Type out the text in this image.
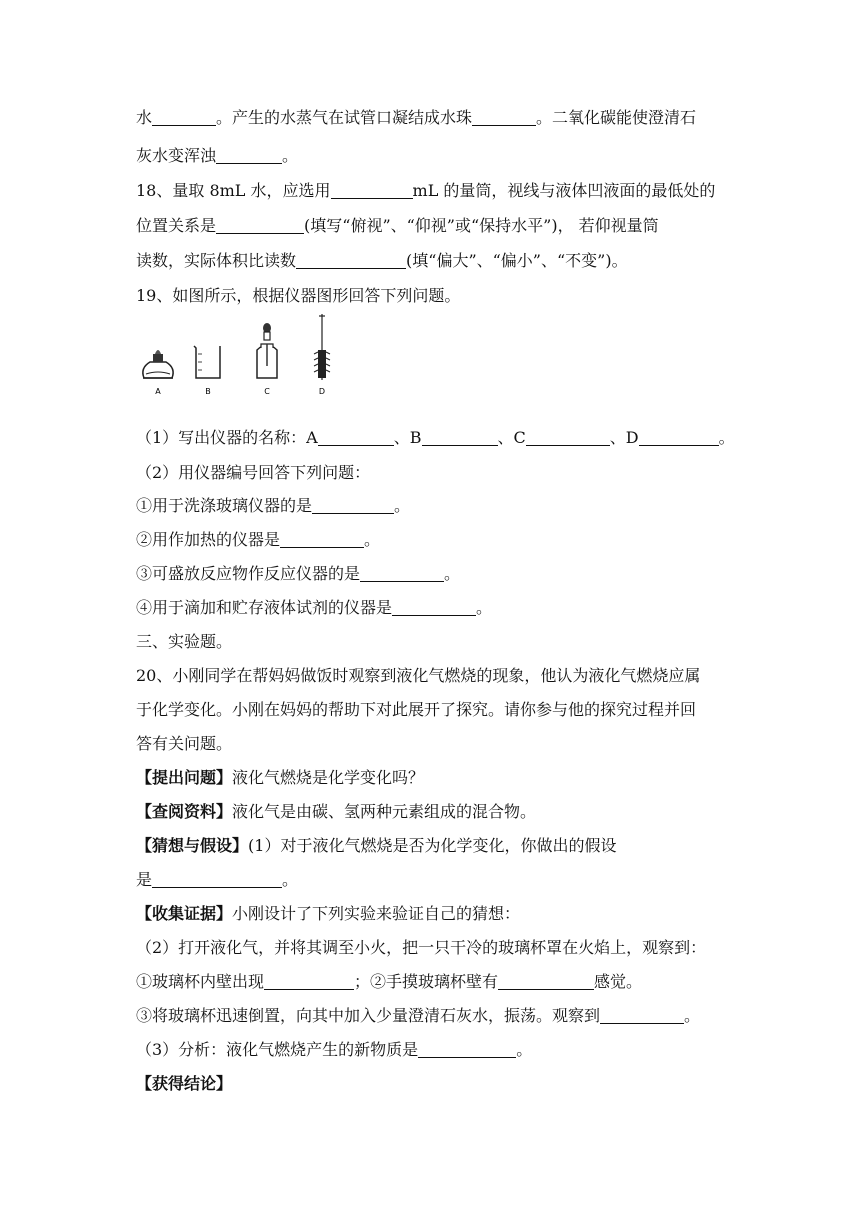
水	。产生的水蒸气在试管口凝结成水珠	。二氧化碳能使澄清石
灰水变浑浊	。
18、量取 8mL 水，应选用	mL 的量筒，视线与液体凹液面的最低处的
位置关系是	(填写“俯视”、“仰视”或“保持水平”)， 若仰视量筒
读数，实际体积比读数	(填“偏大”、“偏小”、“不变”)。
19、如图所示，根据仪器图形回答下列问题。
A	B	C	D
（1）写出仪器的名称：A	、B	、C	、D	。
（2）用仪器编号回答下列问题：
①用于洗涤玻璃仪器的是	。
②用作加热的仪器是	。
③可盛放反应物作反应仪器的是	。
④用于滴加和贮存液体试剂的仪器是	。
三、实验题。
20、小刚同学在帮妈妈做饭时观察到液化气燃烧的现象，他认为液化气燃烧应属
于化学变化。小刚在妈妈的帮助下对此展开了探究。请你参与他的探究过程并回
答有关问题。
【提出问题】液化气燃烧是化学变化吗？
【查阅资料】液化气是由碳、氢两种元素组成的混合物。
【猜想与假设】(1）对于液化气燃烧是否为化学变化，你做出的假设
是	。
【收集证据】小刚设计了下列实验来验证自己的猜想：
（2）打开液化气，并将其调至小火，把一只干冷的玻璃杯罩在火焰上，观察到：
①玻璃杯内壁出现	；②手摸玻璃杯壁有	感觉。
③将玻璃杯迅速倒置，向其中加入少量澄清石灰水，振荡。观察到	。
（3）分析：液化气燃烧产生的新物质是	。
【获得结论】
